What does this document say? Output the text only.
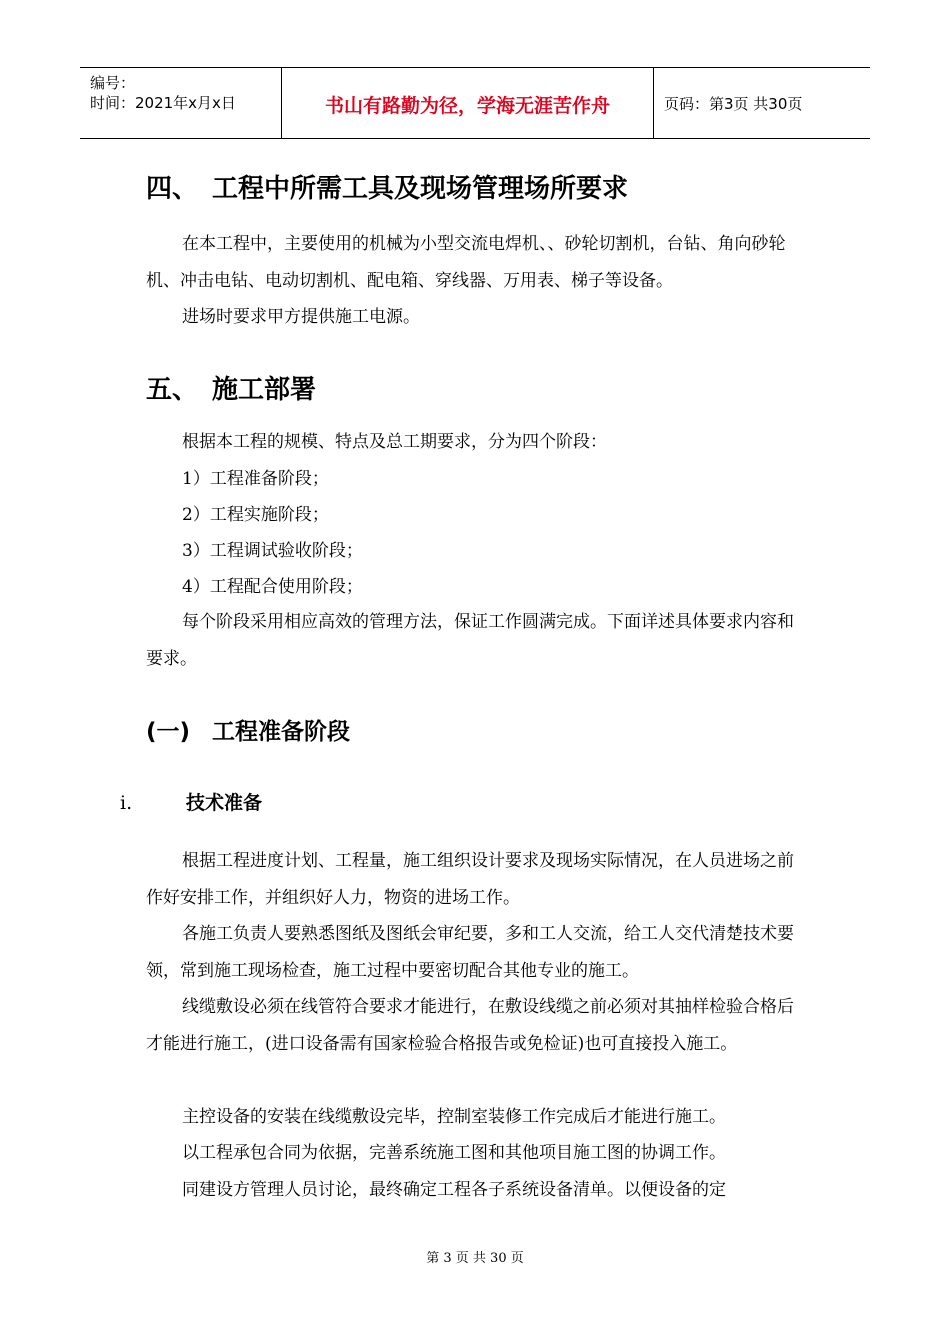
编号：
时间：2021年x月x日	书山有路勤为径，学海无涯苦作舟	页码：第3页 共30页
四、 工程中所需工具及现场管理场所要求

在本工程中，主要使用的机械为小型交流电焊机、、砂轮切割机，台钻、角向砂轮机、冲击电钻、电动切割机、配电箱、穿线器、万用表、梯子等设备。

进场时要求甲方提供施工电源。

五、 施工部署

根据本工程的规模、特点及总工期要求，分为四个阶段：

1）工程准备阶段；

2）工程实施阶段；

3）工程调试验收阶段；

4）工程配合使用阶段；

每个阶段采用相应高效的管理方法，保证工作圆满完成。下面详述具体要求内容和要求。

(一) 工程准备阶段
i.	技术准备

根据工程进度计划、工程量，施工组织设计要求及现场实际情况，在人员进场之前作好安排工作，并组织好人力，物资的进场工作。

各施工负责人要熟悉图纸及图纸会审纪要，多和工人交流，给工人交代清楚技术要领，常到施工现场检查，施工过程中要密切配合其他专业的施工。

线缆敷设必须在线管符合要求才能进行，在敷设线缆之前必须对其抽样检验合格后才能进行施工，(进口设备需有国家检验合格报告或免检证)也可直接投入施工。

主控设备的安装在线缆敷设完毕，控制室装修工作完成后才能进行施工。

以工程承包合同为依据，完善系统施工图和其他项目施工图的协调工作。

同建设方管理人员讨论，最终确定工程各子系统设备清单。以便设备的定

第 3 页 共 30 页
